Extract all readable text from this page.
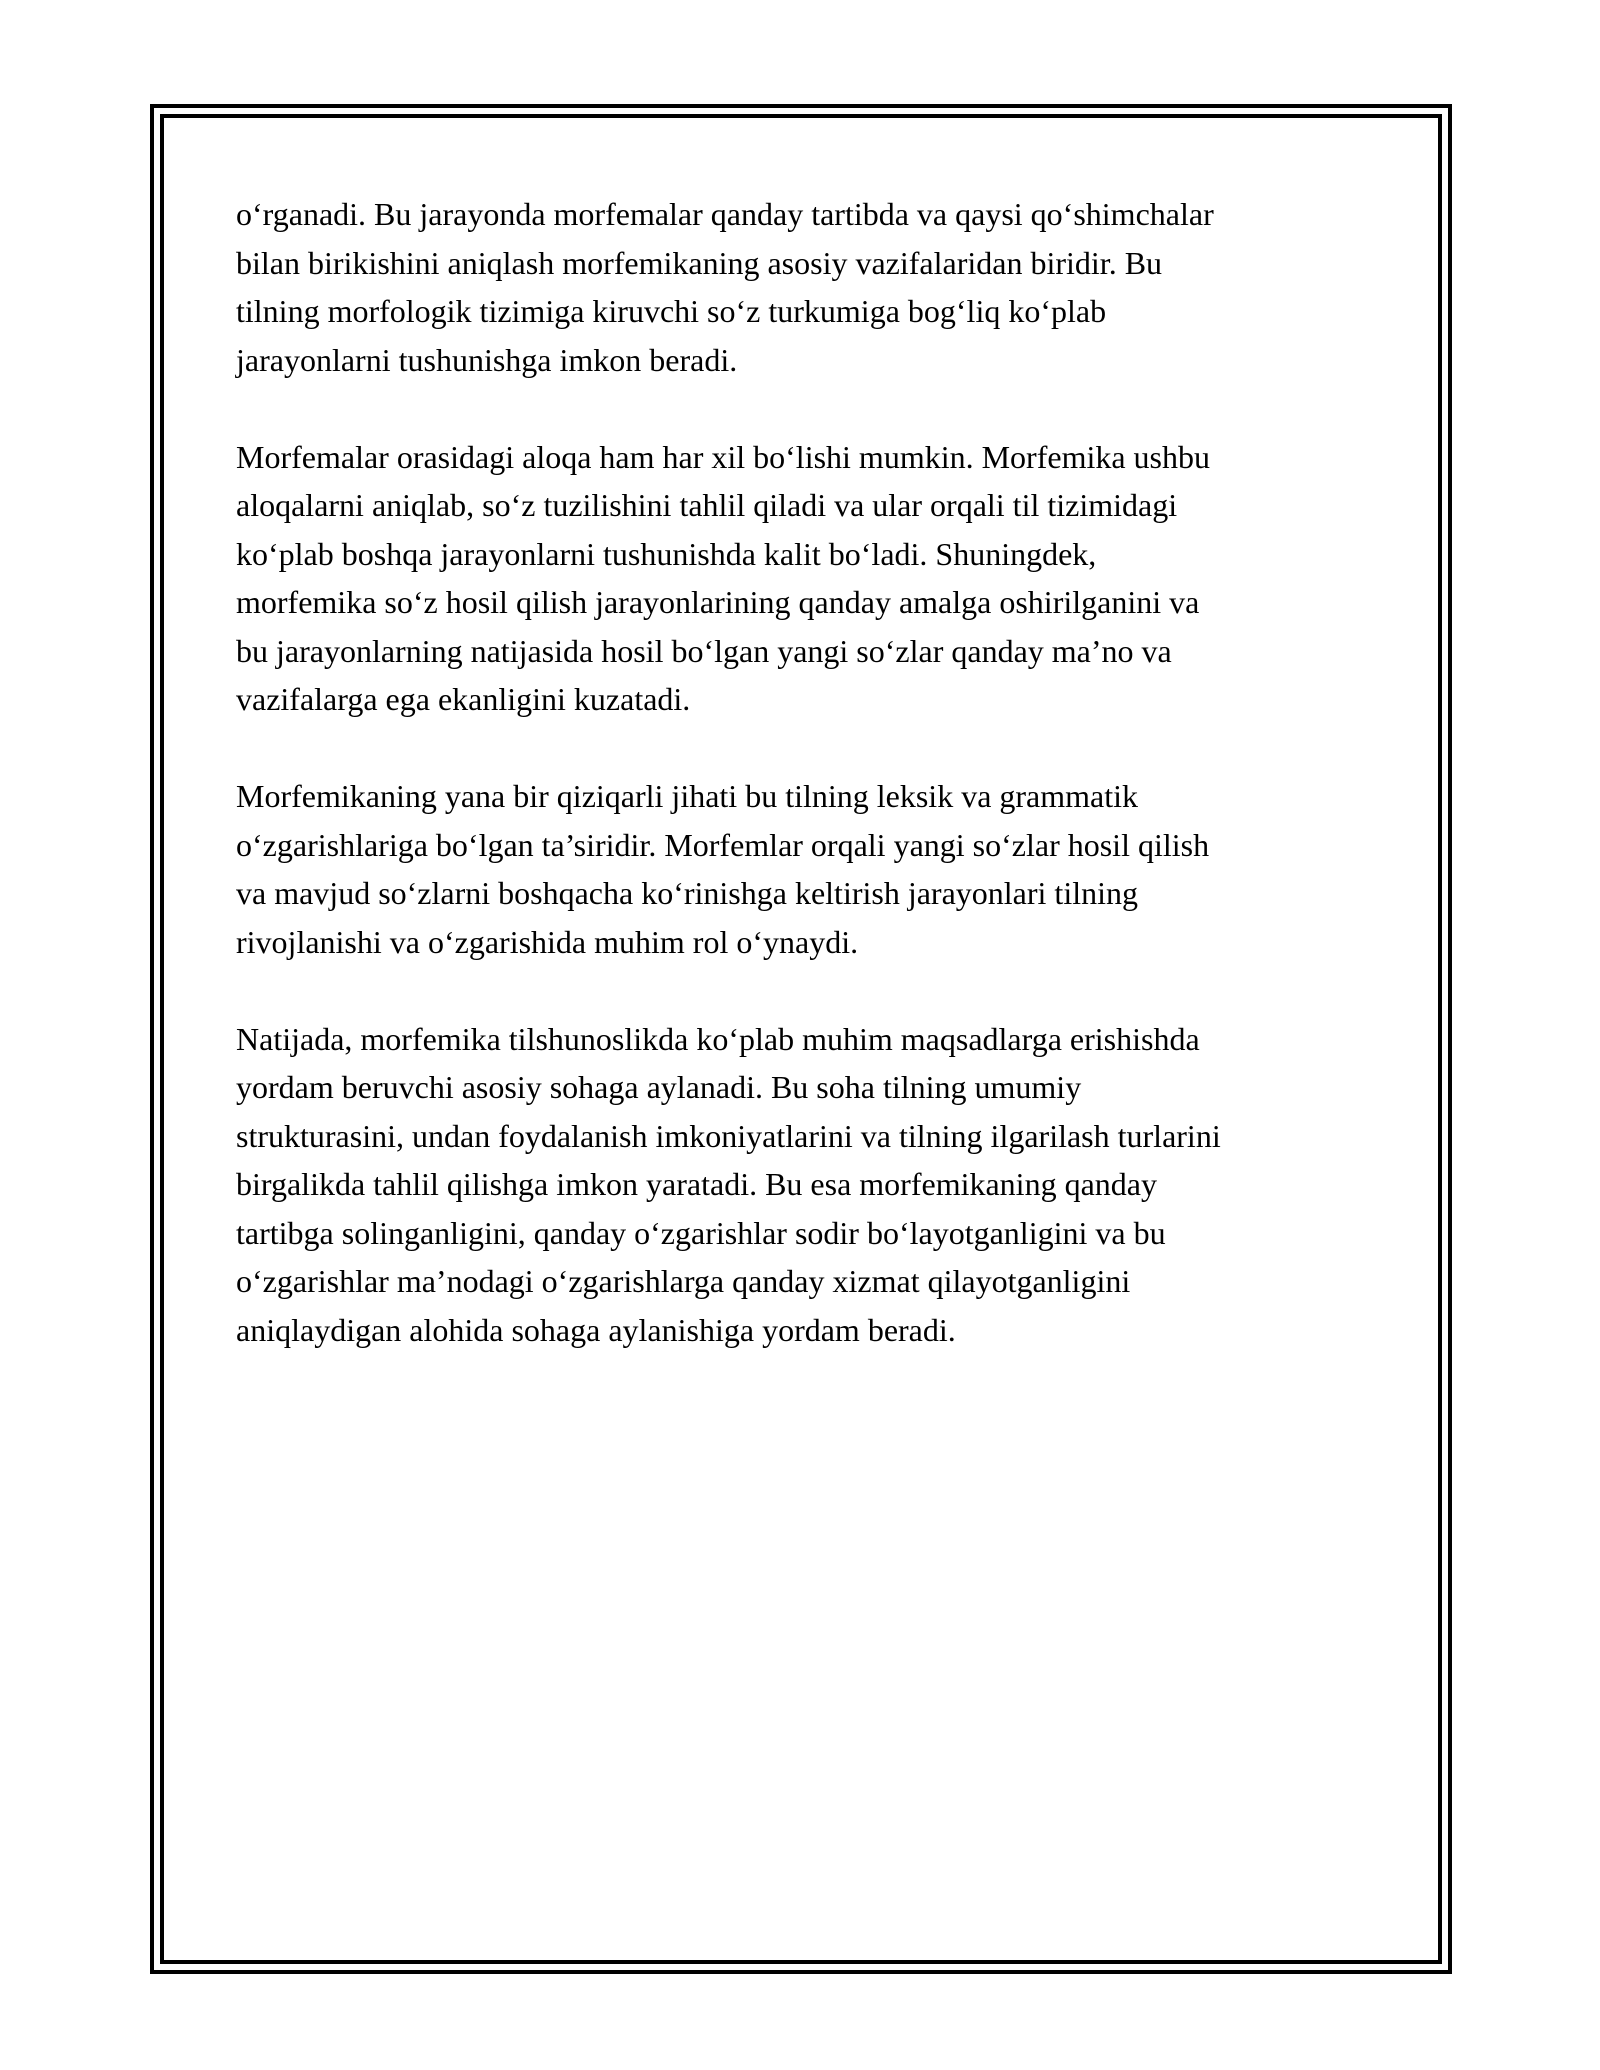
o‘rganadi. Bu jarayonda morfemalar qanday tartibda va qaysi qo‘shimchalar
bilan birikishini aniqlash morfemikaning asosiy vazifalaridan biridir. Bu
tilning morfologik tizimiga kiruvchi so‘z turkumiga bog‘liq ko‘plab
jarayonlarni tushunishga imkon beradi.

Morfemalar orasidagi aloqa ham har xil bo‘lishi mumkin. Morfemika ushbu
aloqalarni aniqlab, so‘z tuzilishini tahlil qiladi va ular orqali til tizimidagi
ko‘plab boshqa jarayonlarni tushunishda kalit bo‘ladi. Shuningdek,
morfemika so‘z hosil qilish jarayonlarining qanday amalga oshirilganini va
bu jarayonlarning natijasida hosil bo‘lgan yangi so‘zlar qanday ma’no va
vazifalarga ega ekanligini kuzatadi.

Morfemikaning yana bir qiziqarli jihati bu tilning leksik va grammatik
o‘zgarishlariga bo‘lgan ta’siridir. Morfemlar orqali yangi so‘zlar hosil qilish
va mavjud so‘zlarni boshqacha ko‘rinishga keltirish jarayonlari tilning
rivojlanishi va o‘zgarishida muhim rol o‘ynaydi.

Natijada, morfemika tilshunoslikda ko‘plab muhim maqsadlarga erishishda
yordam beruvchi asosiy sohaga aylanadi. Bu soha tilning umumiy
strukturasini, undan foydalanish imkoniyatlarini va tilning ilgarilash turlarini
birgalikda tahlil qilishga imkon yaratadi. Bu esa morfemikaning qanday
tartibga solinganligini, qanday o‘zgarishlar sodir bo‘layotganligini va bu
o‘zgarishlar ma’nodagi o‘zgarishlarga qanday xizmat qilayotganligini
aniqlaydigan alohida sohaga aylanishiga yordam beradi.
